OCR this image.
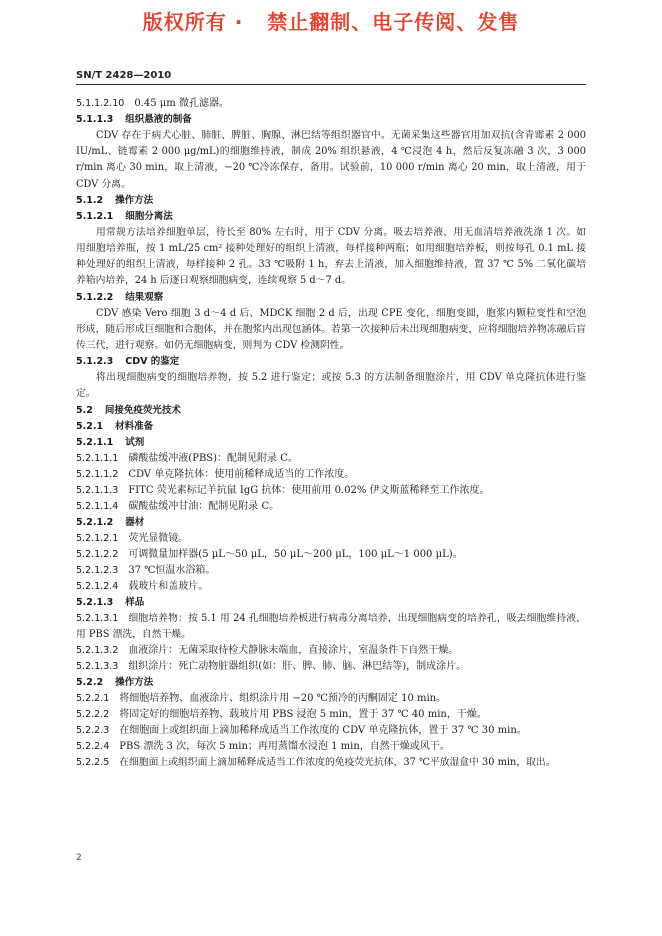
版权所有 ·   禁止翻制、电子传阅、发售
SN/T 2428—2010
5.1.1.2.10 0.45 μm 微孔滤器。
5.1.1.3 组织悬液的制备
CDV 存在于病犬心脏、肺脏、脾脏、胸腺、淋巴结等组织器官中。无菌采集这些器官用加双抗(含青霉素 2 000 IU/mL、链霉素 2 000 μg/mL)的细胞维持液，制成 20% 组织悬液，4 ℃浸泡 4 h，然后反复冻融 3 次，3 000 r/min 离心 30 min，取上清液，−20 ℃冷冻保存，备用。试验前，10 000 r/min 离心 20 min，取上清液，用于 CDV 分离。
5.1.2 操作方法
5.1.2.1 细胞分离法
用常规方法培养细胞单层，待长至 80% 左右时，用于 CDV 分离。吸去培养液，用无血清培养液洗涤 1 次。如用细胞培养瓶，按 1 mL/25 cm² 接种处理好的组织上清液，每样接种两瓶；如用细胞培养板，则按每孔 0.1 mL 接种处理好的组织上清液，每样接种 2 孔。33 ℃吸附 1 h，弃去上清液，加入细胞维持液，置 37 ℃ 5% 二氧化碳培养箱内培养，24 h 后逐日观察细胞病变，连续观察 5 d～7 d。
5.1.2.2 结果观察
CDV 感染 Vero 细胞 3 d～4 d 后、MDCK 细胞 2 d 后，出现 CPE 变化，细胞变圆，胞浆内颗粒变性和空泡形成，随后形成巨细胞和合胞体，并在胞浆内出现包涵体。若第一次接种后未出现细胞病变，应将细胞培养物冻融后盲传三代，进行观察。如仍无细胞病变，则判为 CDV 检测阴性。
5.1.2.3 CDV 的鉴定
将出现细胞病变的细胞培养物，按 5.2 进行鉴定；或按 5.3 的方法制备细胞涂片，用 CDV 单克隆抗体进行鉴定。
5.2 间接免疫荧光技术
5.2.1 材料准备
5.2.1.1 试剂
5.2.1.1.1 磷酸盐缓冲液(PBS)：配制见附录 C。
5.2.1.1.2 CDV 单克隆抗体：使用前稀释成适当的工作浓度。
5.2.1.1.3 FITC 荧光素标记羊抗鼠 IgG 抗体：使用前用 0.02% 伊文斯蓝稀释至工作浓度。
5.2.1.1.4 碳酸盐缓冲甘油：配制见附录 C。
5.2.1.2 器材
5.2.1.2.1 荧光显微镜。
5.2.1.2.2 可调微量加样器(5 μL～50 μL，50 μL～200 μL，100 μL～1 000 μL)。
5.2.1.2.3 37 ℃恒温水浴箱。
5.2.1.2.4 载玻片和盖玻片。
5.2.1.3 样品
5.2.1.3.1 细胞培养物：按 5.1 用 24 孔细胞培养板进行病毒分离培养，出现细胞病变的培养孔，吸去细胞维持液，用 PBS 漂洗，自然干燥。
5.2.1.3.2 血液涂片：无菌采取待检犬静脉末端血，直接涂片，室温条件下自然干燥。
5.2.1.3.3 组织涂片：死亡动物脏器组织(如：肝、脾、肺、脑、淋巴结等)，制成涂片。
5.2.2 操作方法
5.2.2.1 将细胞培养物、血液涂片、组织涂片用 −20 ℃预冷的丙酮固定 10 min。
5.2.2.2 将固定好的细胞培养物、载玻片用 PBS 浸泡 5 min，置于 37 ℃ 40 min，干燥。
5.2.2.3 在细胞面上或组织面上滴加稀释成适当工作浓度的 CDV 单克隆抗体，置于 37 ℃ 30 min。
5.2.2.4 PBS 漂洗 3 次，每次 5 min；再用蒸馏水浸泡 1 min，自然干燥或风干。
5.2.2.5 在细胞面上或组织面上滴加稀释成适当工作浓度的免疫荧光抗体，37 ℃平放湿盒中 30 min，取出。
2
